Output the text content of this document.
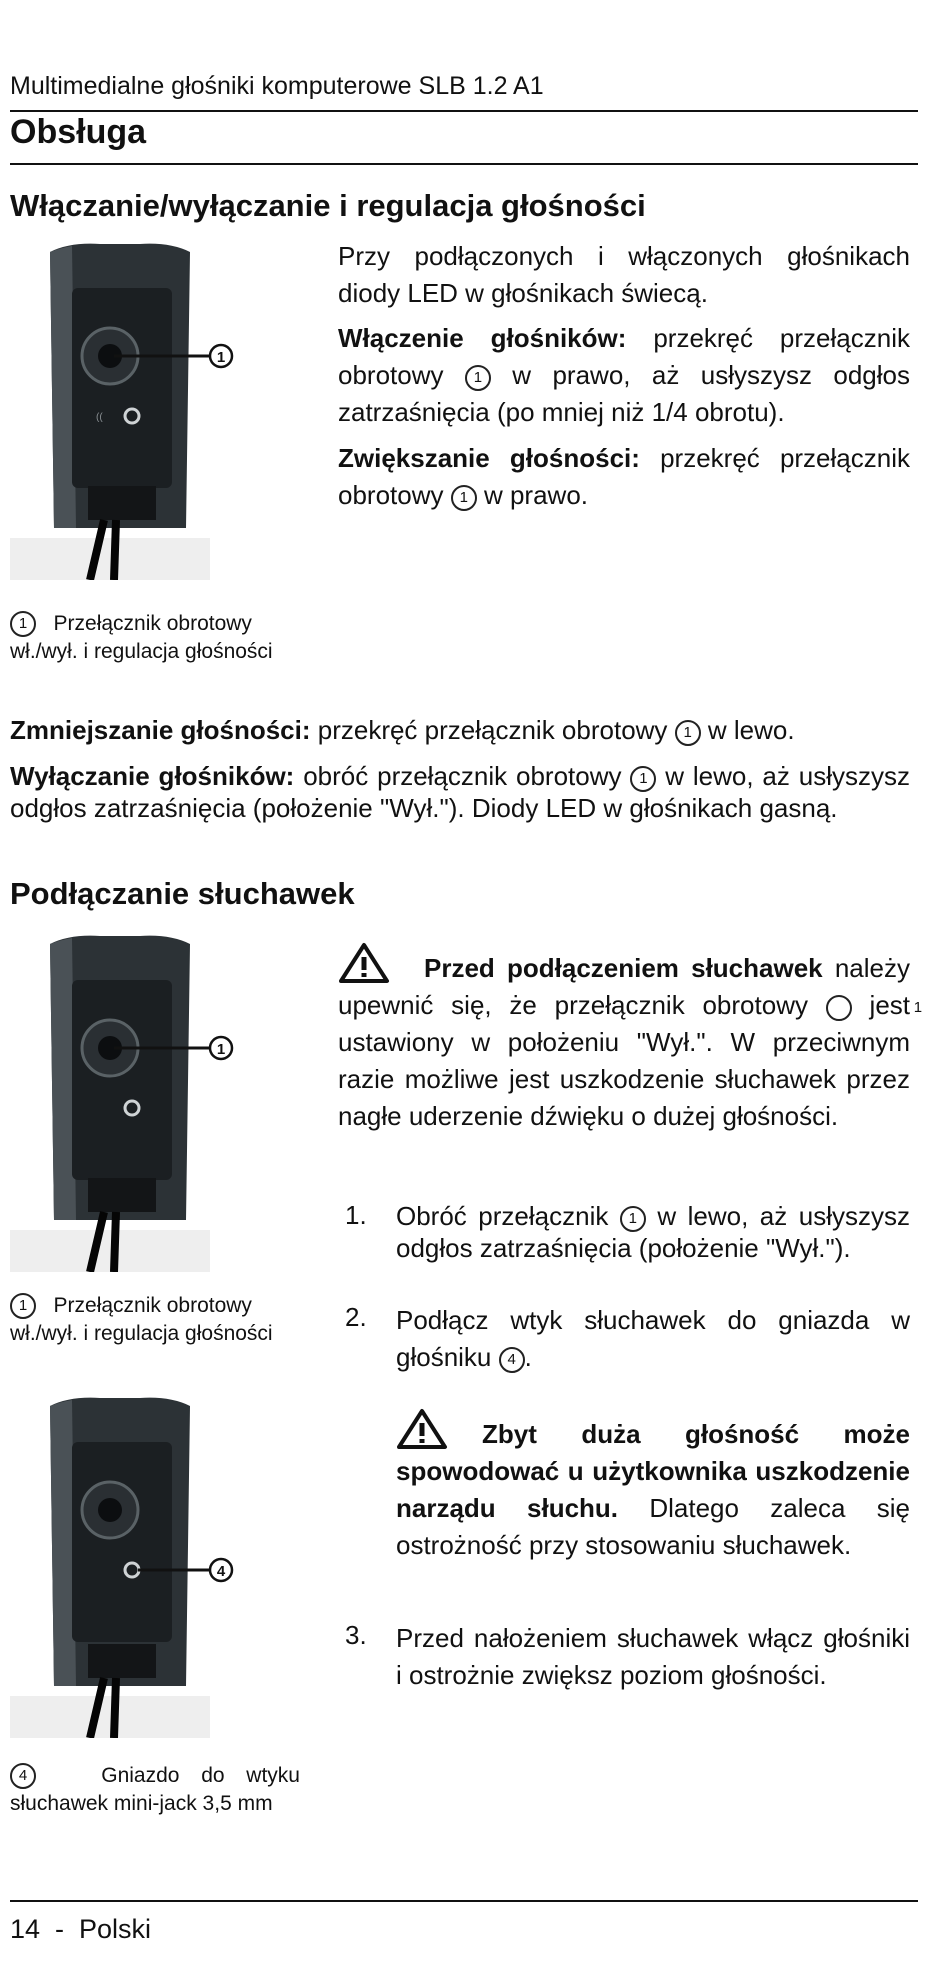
Multimedialne głośniki komputerowe SLB 1.2 A1
Obsługa
Włączanie/wyłączanie i regulacja głośności
((
1
Przy podłączonych i włączonych głośnikach diody LED w głośnikach świecą.
Włączenie głośników: przekręć przełącznik obrotowy 1 w prawo, aż usłyszysz odgłos zatrzaśnięcia (po mniej niż 1/4 obrotu).
Zwiększanie głośności: przekręć przełącznik obrotowy 1 w prawo.
1 Przełącznik obrotowy wł./wył. i regulacja głośności
Zmniejszanie głośności: przekręć przełącznik obrotowy 1 w lewo.
Wyłączanie głośników: obróć przełącznik obrotowy 1 w lewo, aż usłyszysz odgłos zatrzaśnięcia (położenie "Wył."). Diody LED w głośnikach gasną.
Podłączanie słuchawek
1
1 Przełącznik obrotowy wł./wył. i regulacja głośności
4
4	Gniazdo do wtyku słuchawek mini-jack 3,5 mm
Przed podłączeniem słuchawek należy upewnić się, że przełącznik obrotowy	1 jest ustawiony w położeniu "Wył.". W przeciwnym razie możliwe jest uszkodzenie słuchawek przez nagłe uderzenie dźwięku o dużej głośności.
1. Obróć przełącznik 1 w lewo, aż usłyszysz odgłos zatrzaśnięcia (położenie "Wył.").
2. Podłącz wtyk słuchawek do gniazda w głośniku 4 .
Zbyt duża głośność może spowodować u użytkownika uszkodzenie narządu słuchu. Dlatego zaleca się ostrożność przy stosowaniu słuchawek.
3. Przed nałożeniem słuchawek włącz głośniki i ostrożnie zwiększ poziom głośności.
14  -  Polski
